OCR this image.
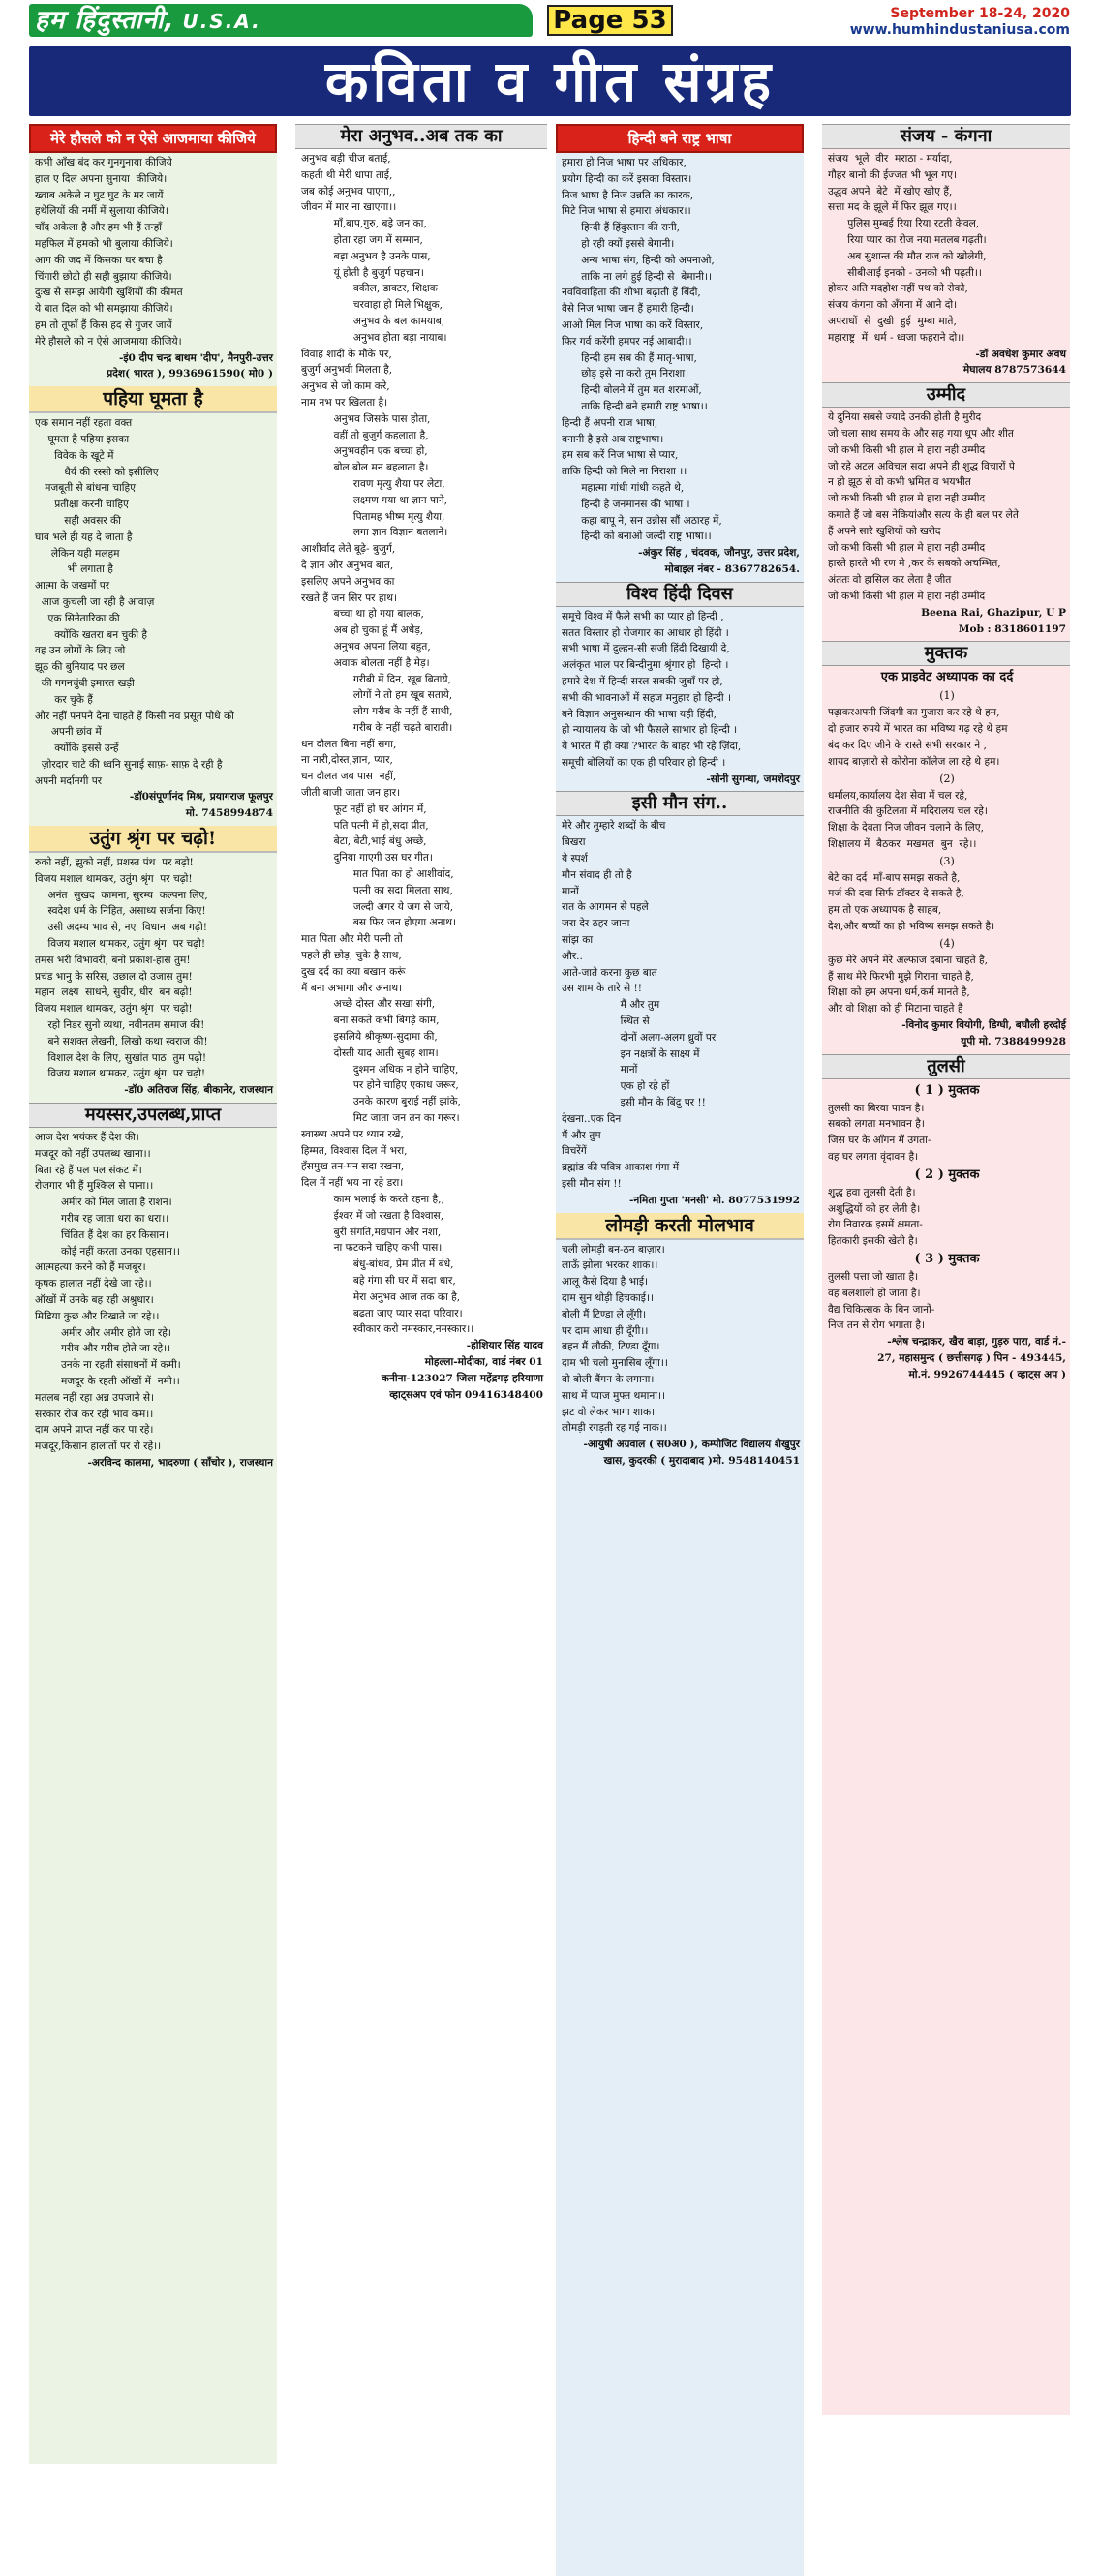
हम हिंदुस्तानी, U.S.A.	Page 53	September 18-24, 2020
www.humhindustaniusa.com
कविता व गीत संग्रह
मेरे हौसले को न ऐसे आजमाया कीजिये
कभी आँख बंद कर गुनगुनाया कीजिये
हाल ए दिल अपना सुनाया  कीजिये।
ख्वाब अकेले न घुट घुट के मर जायें
हथेलियों की नर्मी में सुलाया कीजिये।
चाँद अकेला है और हम भी हैं तन्हाँ
महफिल में हमको भी बुलाया कीजिये।
आग की जद में किसका घर बचा है
चिंगारी छोटी ही सही बुझाया कीजिये।
दुःख से समझ आयेगी खुशियों की कीमत
ये बात दिल को भी समझाया कीजिये।
हम तो तूफाँ हैं किस हद से गुजर जायें
मेरे हौसले को न ऐसे आजमाया कीजिये।
-इं0 दीप चन्द्र बाथम 'दीप', मैनपुरी-उत्तर
प्रदेश( भारत ), 9936961590( मो0 )
पहिया घूमता है
एक समान नहीं रहता वक्त
घूमता है पहिया इसका
विवेक के खूटे में
धैर्य की रस्सी को इसीलिए
मजबूती से बांधना चाहिए
प्रतीक्षा करनी चाहिए
सही अवसर की
घाव भले ही यह दे जाता है
लेकिन यही मलहम
भी लगाता है
आत्मा के जखमों पर
आज कुचली जा रही है आवाज़
एक सिनेतारिका की
क्योंकि खतरा बन चुकी है
वह उन लोगों के लिए जो
झूठ की बुनियाद पर छल
की गगनचुंबी इमारत खड़ी
कर चुके हैं
और नहीं पनपने देना चाहते हैं किसी नव प्रसूत पौधे को
अपनी छांव में
क्योंकि इससे उन्हें
ज़ोरदार चाटे की ध्वनि सुनाई साफ़- साफ़ दे रही है
अपनी मर्दानगी पर
-डॉ0संपूर्णानंद मिश्र, प्रयागराज फूलपुर
मो. 7458994874
उतुंग श्रृंग पर चढ़ो!
रुको नहीं, झुको नहीं, प्रशस्त पंथ  पर बढ़ो!
विजय मशाल थामकर, उतुंग श्रृंग  पर चढ़ो!
अनंत  सुखद  कामना, सुरम्य  कल्पना लिए,
स्वदेश धर्म के निहित, असाध्य सर्जना किए!
उसी अदम्य भाव से, नए  विधान  अब गढ़ो!
विजय मशाल थामकर, उतुंग श्रृंग  पर चढ़ो!
तमस भरी विभावरी, बनो प्रकाश-हास तुम!
प्रचंड भानु के सरिस, उछाल दो उजास तुम!
महान  लक्ष्य  साधने, सुवीर, धीर  बन बढ़ो!
विजय मशाल थामकर, उतुंग श्रृंग  पर चढ़ो!
रहो निडर सुनो व्यथा, नवीनतम समाज की!
बने सशक्त लेखनी, लिखो कथा स्वराज की!
विशाल देश के लिए, सुखांत पाठ  तुम पढ़ो!
विजय मशाल थामकर, उतुंग श्रृंग  पर चढ़ो!
-डॉ0 अतिराज सिंह, बीकानेर, राजस्थान
मयस्सर,उपलब्ध,प्राप्त
आज देश भयंकर हैं देश की।
मजदूर को नहीं उपलब्ध खाना।।
बिता रहे हैं पल पल संकट में।
रोजगार भी हैं मुश्किल से पाना।।
अमीर को मिल जाता है राशन।
गरीब रह जाता धरा का धरा।।
चिंतित हैं देश का हर किसान।
कोई नहीं करता उनका एहसान।।
आत्महत्या करने को हैं मजबूर।
कृषक हालात नहीं देखे जा रहे।।
ऑखों में उनके बह रही अश्रुधार।
मिडिया कुछ और दिखाते जा रहे।।
अमीर और अमीर होते जा रहे।
गरीब और गरीब होते जा रहे।।
उनके ना रहती संसाधनों में कमी।
मजदूर के रहती ऑखों में  नमी।।
मतलब नहीं रहा अन्न उपजाने से।
सरकार रोज कर रही भाव कम।।
दाम अपने प्राप्त नहीं कर पा रहे।
मजदूर,किसान हालातों पर रो रहे।।
-अरविन्द कालमा, भादरुणा ( साँचोर ), राजस्थान
मेरा अनुभव..अब तक का
अनुभव बड़ी चीज बताई,
कहती थी मेरी धापा ताई,
जब कोई अनुभव पाएगा,,
जीवन में मार ना खाएगा।।
माँ,बाप,गुरु, बड़े जन का,
होता रहा जग में सम्मान,
बड़ा अनुभव है उनके पास,
यूं होती है बुजुर्ग पहचान।
वकील, डाक्टर, शिक्षक
चरवाहा हो मिले भिक्षुक,
अनुभव के बल कामयाब,
अनुभव होता बड़ा नायाब।
विवाह शादी के मौके पर,
बुजुर्ग अनुभवी मिलता है,
अनुभव से जो काम करे,
नाम नभ पर खिलता है।
अनुभव जिसके पास होता,
वहीं तो बुजुर्ग कहलाता है,
अनुभवहीन एक बच्चा हो,
बोल बोल मन बहलाता है।
रावण मृत्यु शैया पर लेटा,
लक्ष्मण गया था ज्ञान पाने,
पितामह भीष्म मृत्यु शैया,
लगा ज्ञान विज्ञान बतलाने।
आशीर्वाद लेते बूढ़े- बुजुर्ग,
दे ज्ञान और अनुभव बात,
इसलिए अपने अनुभव का
रखते हैं जन सिर पर हाथ।
बच्चा था हो गया बालक,
अब हो चुका हूं मैं अधेड़,
अनुभव अपना लिया बहुत,
अवाक बोलता नहीं है मेड़।
गरीबी में दिन, खूब बिताये,
लोगों ने तो हम खूब सताये,
लोग गरीब के नहीं हैं साथी,
गरीब के नहीं चढ़ते बाराती।
धन दौलत बिना नहीं सगा,
ना नारी,दोस्त,ज्ञान, प्यार,
धन दौलत जब पास  नहीं,
जीती बाजी जाता जन हार।
फूट नहीं हो घर आंगन में,
पति पत्नी में हो,सदा प्रीत,
बेटा, बेटी,भाई बंधु अच्छे,
दुनिया गाएगी उस घर गीत।
मात पिता का हो आशीर्वाद,
पत्नी का सदा मिलता साथ,
जल्दी अगर ये जग से जाये,
बस फिर जन होएगा अनाथ।
मात पिता और मेरी पत्नी तो
पहले ही छोड़, चुके है साथ,
दुख दर्द का क्या बखान करूं
मैं बना अभागा और अनाथ।
अच्छे दोस्त और सखा संगी,
बना सकते कभी बिगड़े काम,
इसलिये श्रीकृष्ण-सुदामा की,
दोस्ती याद आती सुबह शाम।
दुश्मन अधिक न होने चाहिए,
पर होने चाहिए एकाध जरूर,
उनके कारण बुराई नहीं झांके,
मिट जाता जन तन का गरूर।
स्वास्थ्य अपने पर ध्यान रखे,
हिम्मत, विश्वास दिल में भरा,
हँसमुख तन-मन सदा रखना,
दिल में नहीं भय ना रहे डरा।
काम भलाई के करते रहना है,,
ईश्वर में जो रखता है विश्वास,
बुरी संगति,मद्यपान और नशा,
ना फटकने चाहिए कभी पास।
बंधु-बांधव, प्रेम प्रीत में बंधे,
बहे गंगा सी घर में सदा धार,
मेरा अनुभव आज तक का है,
बढ़ता जाए प्यार सदा परिवार।
स्वीकार करो नमस्कार,नमस्कार।।
-होशियार सिंह यादव
मोहल्ला-मोदीका, वार्ड नंबर 01
कनीना-123027 जिला महेंद्रगढ़ हरियाणा
व्हाट्सअप एवं फोन 09416348400
हिन्दी बने राष्ट्र भाषा
हमारा हो निज भाषा पर अधिकार,
प्रयोग हिन्दी का करें इसका विस्तार।
निज भाषा है निज उन्नति का कारक,
मिटे निज भाषा से हमारा अंधकार।।
हिन्दी हैं हिंदुस्तान की रानी,
हो रही क्यों इससे बेगानी।
अन्य भाषा संग, हिन्दी को अपनाओ,
ताकि ना लगे हुई हिन्दी से  बेमानी।।
नवविवाहिता की शोभा बढ़ाती हैं बिंदी,
वैसे निज भाषा जान हैं हमारी हिन्दी।
आओ मिल निज भाषा का करें विस्तार,
फिर गर्व करेंगी हमपर नई आबादी।।
हिन्दी हम सब की हैं मातृ-भाषा,
छोड़ इसे ना करो तुम निराशा।
हिन्दी बोलने में तुम मत शरमाओं,
ताकि हिन्दी बने हमारी राष्ट्र भाषा।।
हिन्दी हैं अपनी राज भाषा,
बनानी है इसे अब राष्ट्रभाषा।
हम सब करें निज भाषा से प्यार,
ताकि हिन्दी को मिले ना निराशा ।।
महात्मा गांधी गांधी कहते थे,
हिन्दी है जनमानस की भाषा ।
कहा बापू ने, सन उन्नीस सौं अठारह में,
हिन्दी को बनाओ जल्दी राष्ट्र भाषा।।
-अंकुर सिंह , चंदवक, जौनपुर, उत्तर प्रदेश,
मोबाइल नंबर - 8367782654.
विश्व हिंदी दिवस
समूचे विश्व में फैले सभी का प्यार हो हिन्दी ,
सतत विस्तार हो रोजगार का आधार हो हिंदी ।
सभी भाषा में दुल्हन-सी सजी हिंदी दिखायी दे,
अलंकृत भाल पर बिन्दीनुमा श्रृंगार हो  हिन्दी ।
हमारे देश में हिन्दी सरल सबकी जुबाँ पर हो,
सभी की भावनाओं में सहज मनुहार हो हिन्दी ।
बने विज्ञान अनुसन्धान की भाषा यही हिंदी,
हो न्यायालय के जो भी फैसले साभार हो हिन्दी ।
ये भारत में ही क्या ?भारत के बाहर भी रहे ज़िंदा,
समूची बोलियों का एक ही परिवार हो हिन्दी ।
-सोनी सुगन्धा, जमशेदपुर
इसी मौन संग..
मेरे और तुम्हारे शब्दों के बीच
बिखरा
ये स्पर्श
मौन संवाद ही तो है
मानों
रात के आगमन से पहले
जरा देर ठहर जाना
सांझ का
और..
आते-जाते करना कुछ बात
उस शाम के तारे से !!
मैं और तुम
स्थित से
दोनों अलग-अलग ध्रुवों पर
इन नक्षत्रों के साक्ष्य में
मानों
एक हो रहे हों
इसी मौन के बिंदु पर !!
देखना..एक दिन
मैं और तुम
विचरेंगें
ब्रह्मांड की पवित्र आकाश गंगा में
इसी मौन संग !!
-नमिता गुप्ता 'मनसी' मो. 8077531992
लोमड़ी करती मोलभाव
चली लोमड़ी बन-ठन बाज़ार।
लाऊँ झोला भरकर शाक।।
आलू कैसे दिया है भाई।
दाम सुन थोड़ी हिचकाई।।
बोली मैं टिण्डा ले लूँगी।
पर दाम आधा ही दूँगी।।
बहन मैं लौकी, टिण्डा दूँगा।
दाम भी चलो मुनासिब लूँगा।।
वो बोली बैंगन के लगाना।
साथ में प्याज मुफ्त थमाना।।
झट वो लेकर भागा शाक।
लोमड़ी रगड़ती रह गई नाक।।
-आयुषी अग्रवाल ( स0अ0 ), कम्पोजिट विद्यालय शेखुपुर
खास, कुदरकी ( मुरादाबाद )मो. 9548140451
संजय - कंगना
संजय  भूले  वीर  मराठा - मर्यादा,
गौहर बानो की ईज्जत भी भूल गए।
उद्धव अपने  बेटे  में खोए खोए हैं,
सत्ता मद के झूले में फिर झूल गए।।
पुलिस मुम्बई रिया रिया रटती केवल,
रिया प्यार का रोज नया मतलब गढ़ती।
अब सुशान्त की मौत राज को खोलेगी,
सीबीआई इनको - उनको भी पढ़ती।।
होकर अति मदहोश नहीं पथ को रोको,
संजय कंगना को अँगना में आने दो।
अपराधों  से  दुखी  हुई  मुम्बा माते,
महाराष्ट्र  में  धर्म - ध्वजा फहराने दो।।
-डॉ अवधेश कुमार अवध
मेघालय 8787573644
उम्मीद
ये दुनिया सबसे ज्यादे उनकी होती है मुरीद
जो चला साथ समय के और सह गया धूप और शीत
जो कभी किसी भी हाल मे हारा नही उम्मीद
जो रहे अटल अविचल सदा अपने ही शुद्ध विचारों पे
न हो झूठ से वो कभी भ्रमित व भयभीत
जो कभी किसी भी हाल मे हारा नही उम्मीद
कमाते हैं जो बस नेकियांऔर सत्य के ही बल पर लेते
हैं अपने सारे खुशियों को खरीद
जो कभी किसी भी हाल मे हारा नही उम्मीद
हारते हारते भी रण मे ,कर के सबको अचम्भित,
अंततः वो हासिल कर लेता है जीत
जो कभी किसी भी हाल मे हारा नही उम्मीद
Beena Rai, Ghazipur, U P
Mob : 8318601197
मुक्तक
एक प्राइवेट अध्यापक का दर्द
(1)
पढ़ाकरअपनी जिंदगी का गुजारा कर रहे थे हम,
दो हजार रुपये में भारत का भविष्य गढ़ रहे थे हम
बंद कर दिए जीने के रास्ते सभी सरकार ने ,
शायद बाज़ारो से कोरोना कॉलेज ला रहे थे हम।
(2)
धर्मालय,कार्यालय देश सेवा में चल रहे,
राजनीति की कुटिलता में मदिरालय चल रहे।
शिक्षा के देवता निज जीवन चलाने के लिए,
शिक्षालय में  बैठकर  मखमल  बुन  रहे।।
(3)
बेटे का दर्द  माँ-बाप समझ सकते है,
मर्ज की दवा सिर्फ डॉक्टर दे सकते है,
हम तो एक अध्यापक है साहब,
देश,और बच्चों का ही भविष्य समझ सकते है।
(4)
कुछ मेरे अपने मेरे अल्फाज दबाना चाहते है,
हैं साथ मेरे फिरभी मुझे गिराना चाहते है,
शिक्षा को हम अपना धर्म,कर्म मानते है,
और वो शिक्षा को ही मिटाना चाहते है
-विनोद कुमार वियोगी, डिग्घी, बघौली हरदोई
यूपी मो. 7388499928
तुलसी
( 1 ) मुक्तक
तुलसी का बिरवा पावन है।
सबको लगता मनभावन है।
जिस घर के आँगन में उगता-
वह घर लगता वृंदावन है।
( 2 ) मुक्तक
शुद्ध हवा तुलसी देती है।
अशुद्धियों को हर लेती है।
रोग निवारक इसमें क्षमता-
हितकारी इसकी खेती है।
( 3 ) मुक्तक
तुलसी पत्ता जो खाता है।
वह बलशाली हो जाता है।
वैद्य चिकित्सक के बिन जानों-
निज तन से रोग भगाता है।
-श्लेष चन्द्राकर, खैरा बाड़ा, गुड़रु पारा, वार्ड नं.-
27, महासमुन्द ( छत्तीसगढ़ ) पिन - 493445,
मो.नं. 9926744445 ( व्हाट्स अप )
